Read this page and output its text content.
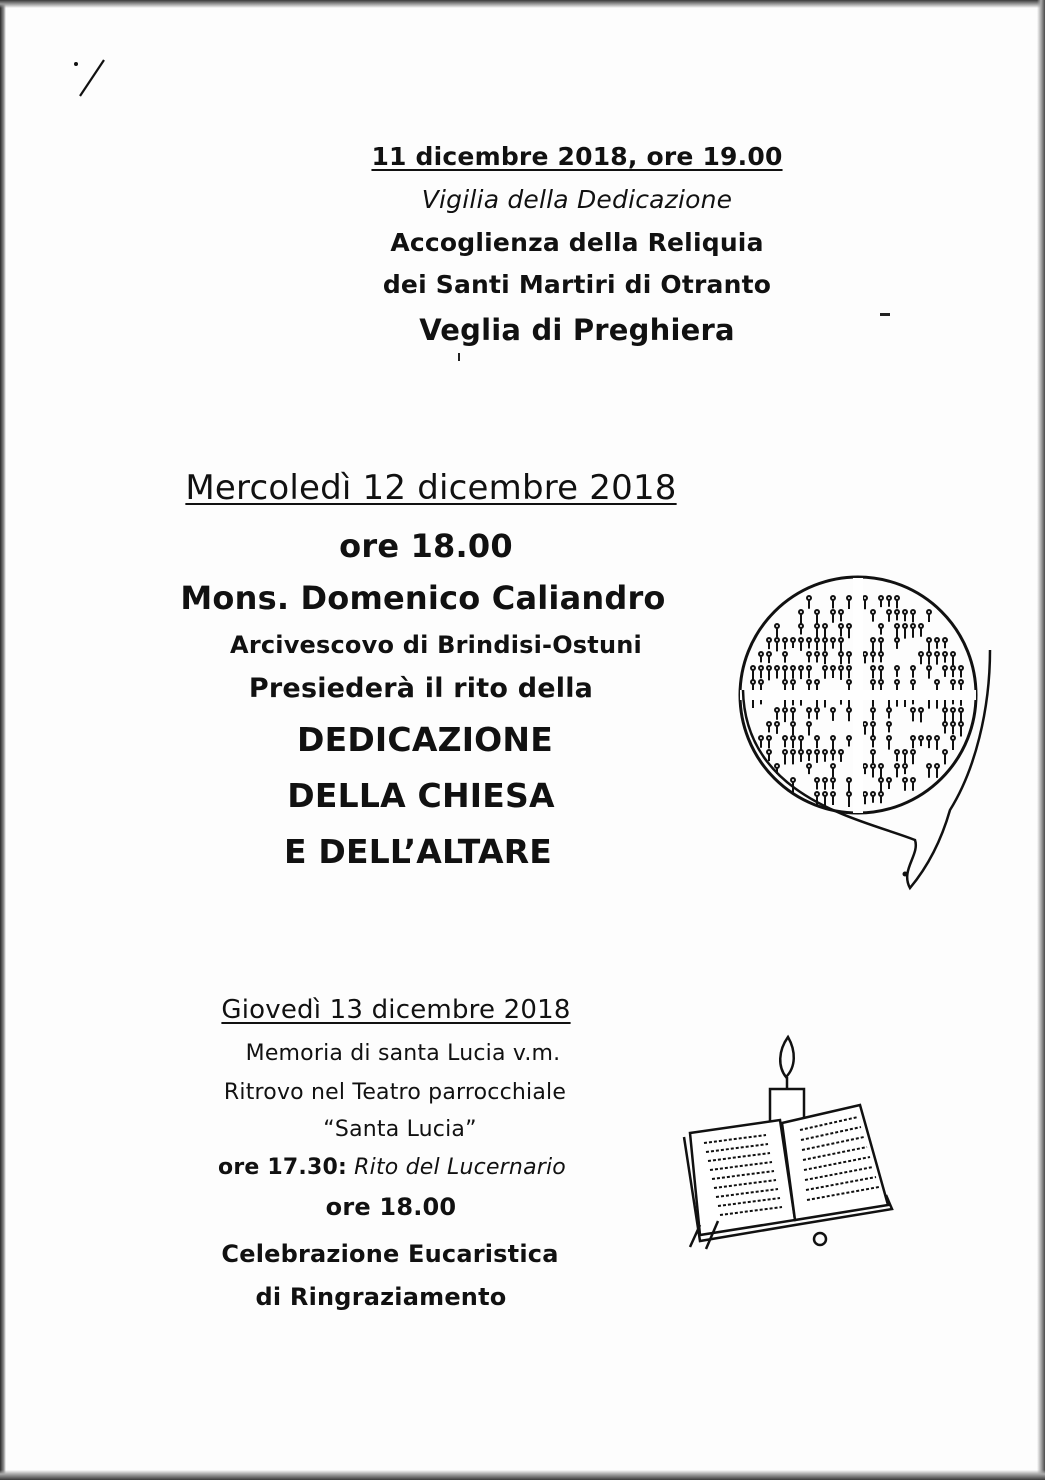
11 dicembre 2018, ore 19.00
Vigilia della Dedicazione
Accoglienza della Reliquia
dei Santi Martiri di Otranto
Veglia di Preghiera
Mercoledì 12 dicembre 2018
ore 18.00
Mons. Domenico Caliandro
Arcivescovo di Brindisi-Ostuni
Presiederà il rito della
DEDICAZIONE
DELLA CHIESA
E DELL’ALTARE
Giovedì 13 dicembre 2018
Memoria di santa Lucia v.m.
Ritrovo nel Teatro parrocchiale
“Santa Lucia”
ore 17.30: Rito del Lucernario
ore 18.00
Celebrazione Eucaristica
di Ringraziamento
